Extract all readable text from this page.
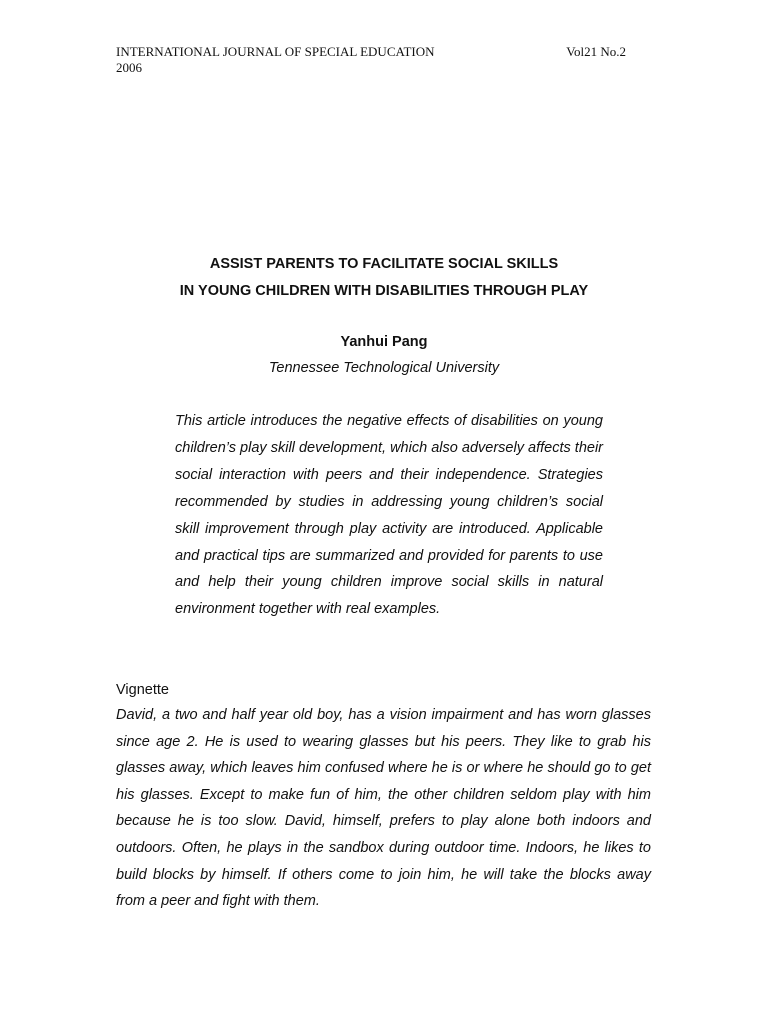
INTERNATIONAL JOURNAL OF SPECIAL EDUCATION	Vol21 No.2
2006
ASSIST PARENTS TO FACILITATE SOCIAL SKILLS
IN YOUNG CHILDREN WITH DISABILITIES THROUGH PLAY
Yanhui Pang
Tennessee Technological University

This article introduces the negative effects of disabilities on young children’s play skill development, which also adversely affects their social interaction with peers and their independence. Strategies recommended by studies in addressing young children’s social skill improvement through play activity are introduced. Applicable and practical tips are summarized and provided for parents to use and help their young children improve social skills in natural environment together with real examples.

Vignette

David, a two and half year old boy, has a vision impairment and has worn glasses since age 2. He is used to wearing glasses but his peers. They like to grab his glasses away, which leaves him confused where he is or where he should go to get his glasses. Except to make fun of him, the other children seldom play with him because he is too slow. David, himself, prefers to play alone both indoors and outdoors. Often, he plays in the sandbox during outdoor time. Indoors, he likes to build blocks by himself. If others come to join him, he will take the blocks away from a peer and fight with them.
